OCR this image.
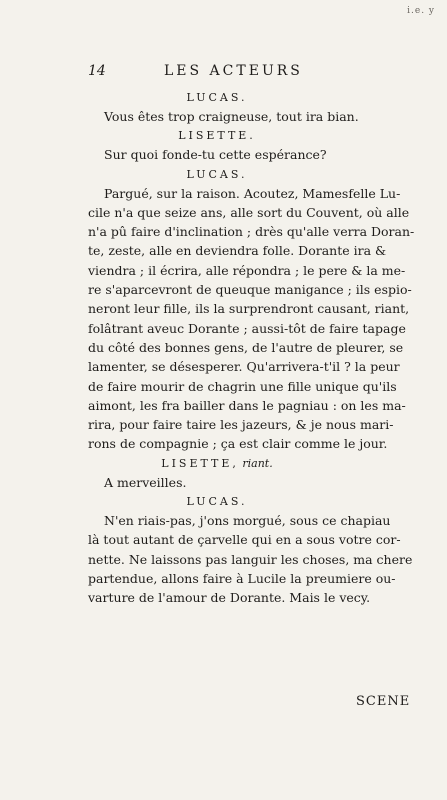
i.e. y
14	LES ACTEURS
LUCAS.

Vous êtes trop craigneuse, tout ira bian.

LISETTE.

Sur quoi fonde-tu cette espérance?

LUCAS.

Pargué, sur la raison. Acoutez, Mamesfelle Lu-
cile n'a que seize ans, alle sort du Couvent, où alle
n'a pû faire d'inclination ; drès qu'alle verra Doran-
te, zeste, alle en deviendra folle. Dorante ira &
viendra ; il écrira, alle répondra ; le pere & la me-
re s'aparcevront de queuque manigance ; ils espio-
neront leur fille, ils la surprendront causant, riant,
folâtrant aveuc Dorante ; aussi-tôt de faire tapage
du côté des bonnes gens, de l'autre de pleurer, se
lamenter, se désesperer. Qu'arrivera-t'il ? la peur
de faire mourir de chagrin une fille unique qu'ils
aimont, les fra bailler dans le pagniau : on les ma-
rira, pour faire taire les jazeurs, & je nous mari-
rons de compagnie ; ça est clair comme le jour.

LISETTE, riant.

A merveilles.

LUCAS.

N'en riais-pas, j'ons morgué, sous ce chapiau
là tout autant de çarvelle qui en a sous votre cor-
nette. Ne laissons pas languir les choses, ma chere
partendue, allons faire à Lucile la preumiere ou-
varture de l'amour de Dorante. Mais le vecy.

SCENE
